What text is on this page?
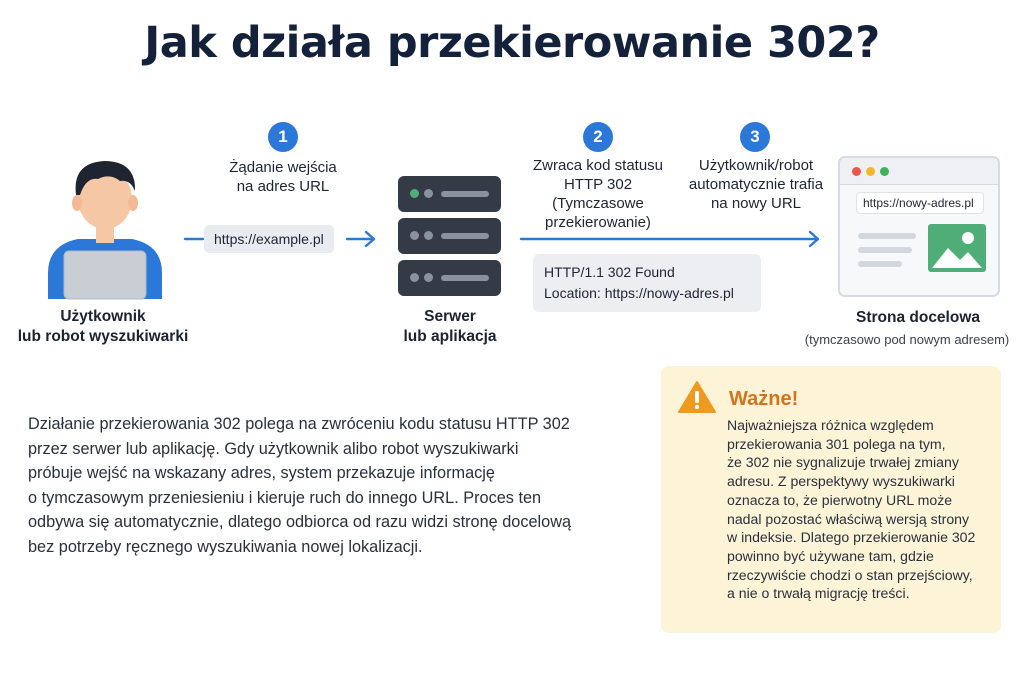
Jak działa przekierowanie 302?
1
Żądanie wejścia
na adres URL
2
Zwraca kod statusu
HTTP 302
(Tymczasowe
przekierowanie)
3
Użytkownik/robot
automatycznie trafia
na nowy URL
Użytkownik
lub robot wyszukiwarki
https://example.pl
Serwer
lub aplikacja
HTTP/1.1 302 Found
Location: https://nowy-adres.pl
https://nowy-adres.pl
Strona docelowa
(tymczasowo pod nowym adresem)
Działanie przekierowania 302 polega na zwróceniu kodu statusu HTTP 302
przez serwer lub aplikację. Gdy użytkownik alibo robot wyszukiwarki
próbuje wejść na wskazany adres, system przekazuje informację
o tymczasowym przeniesieniu i kieruje ruch do innego URL. Proces ten
odbywa się automatycznie, dlatego odbiorca od razu widzi stronę docelową
bez potrzeby ręcznego wyszukiwania nowej lokalizacji.
Ważne!
Najważniejsza różnica względem
przekierowania 301 polega na tym,
że 302 nie sygnalizuje trwałej zmiany
adresu. Z perspektywy wyszukiwarki
oznacza to, że pierwotny URL może
nadal pozostać właściwą wersją strony
w indeksie. Dlatego przekierowanie 302
powinno być używane tam, gdzie
rzeczywiście chodzi o stan przejściowy,
a nie o trwałą migrację treści.
